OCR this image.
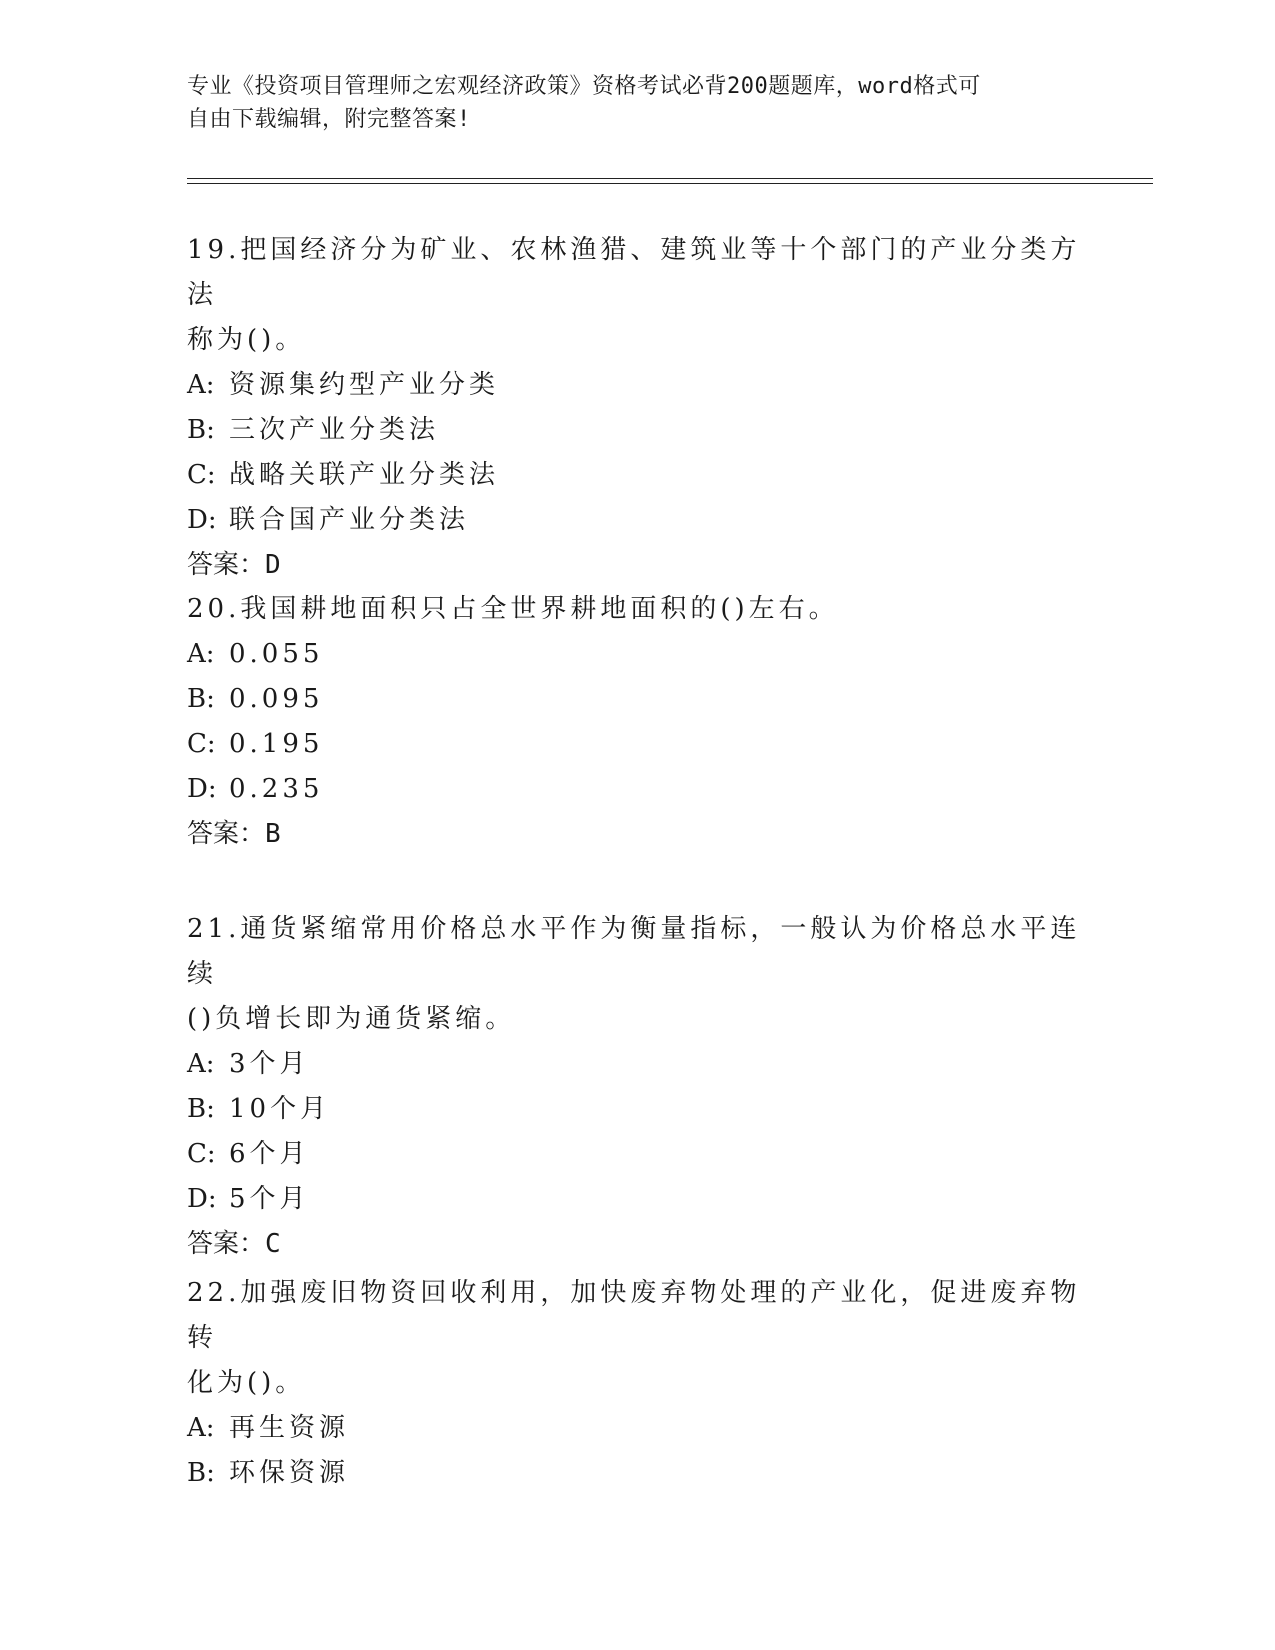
专业《投资项目管理师之宏观经济政策》资格考试必背200题题库，word格式可
自由下载编辑，附完整答案!

19.把国经济分为矿业、农林渔猎、建筑业等十个部门的产业分类方法

称为()。

A: 资源集约型产业分类

B: 三次产业分类法

C: 战略关联产业分类法

D: 联合国产业分类法

答案：D

20.我国耕地面积只占全世界耕地面积的()左右。

A: 0.055

B: 0.095

C: 0.195

D: 0.235

答案：B

21.通货紧缩常用价格总水平作为衡量指标，一般认为价格总水平连续

()负增长即为通货紧缩。

A: 3个月

B: 10个月

C: 6个月

D: 5个月

答案：C

22.加强废旧物资回收利用，加快废弃物处理的产业化，促进废弃物转

化为()。

A: 再生资源

B: 环保资源
